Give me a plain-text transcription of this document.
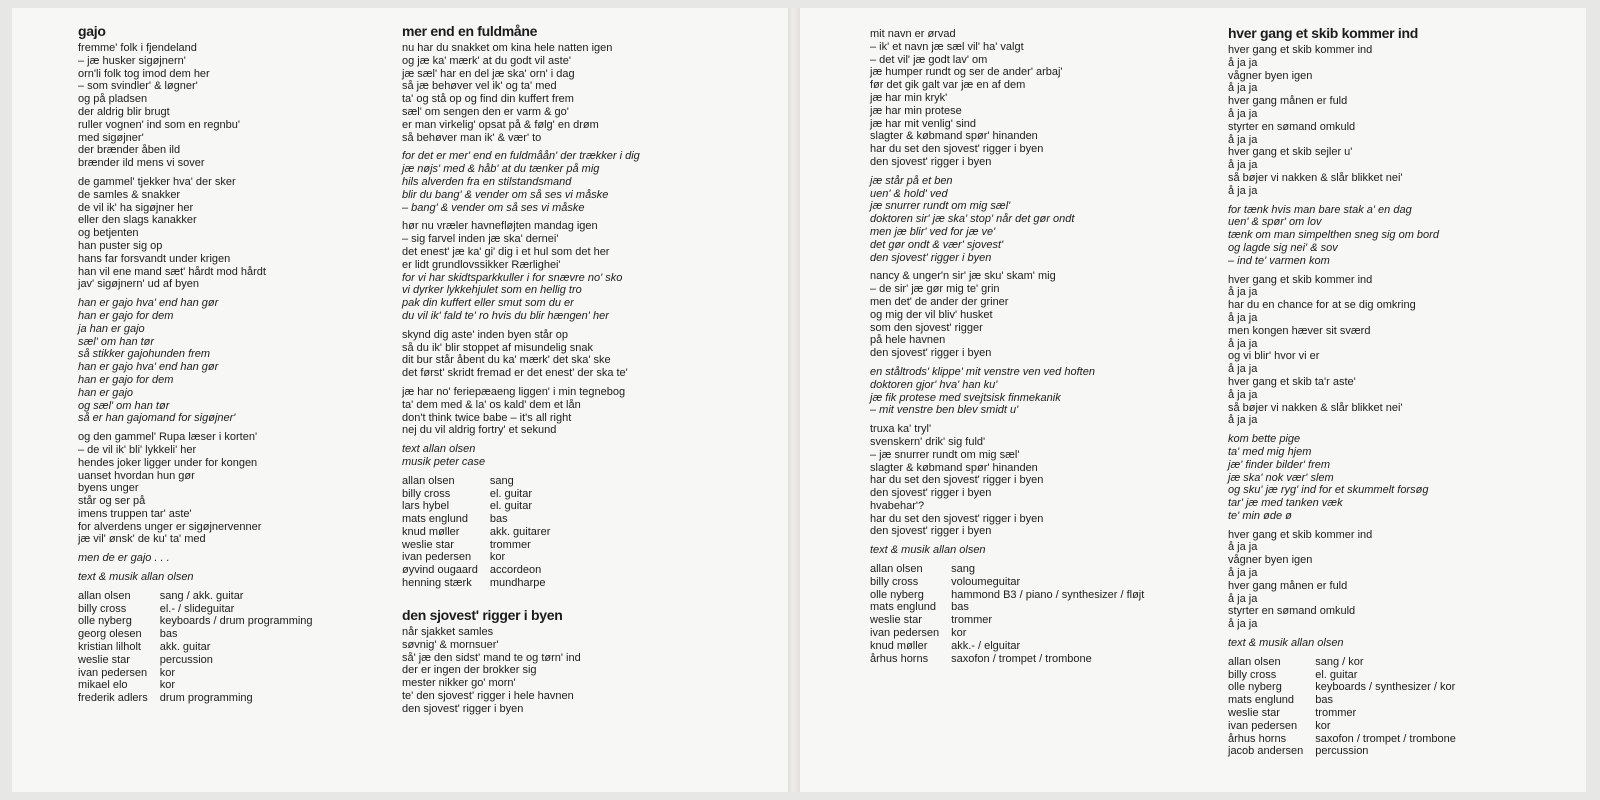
gajo
fremme' folk i fjendeland
– jæ husker sigøjnern'
orn'li folk tog imod dem her
– som svindler' & løgner'
og på pladsen
der aldrig blir brugt
ruller vognen' ind som en regnbu'
med sigøjner'
der brænder åben ild
brænder ild mens vi sover
de gammel' tjekker hva' der sker
de samles & snakker
de vil ik' ha sigøjner her
eller den slags kanakker
og betjenten
han puster sig op
hans far forsvandt under krigen
han vil ene mand sæt' hårdt mod hårdt
jav' sigøjnern' ud af byen
han er gajo hva' end han gør
han er gajo for dem
ja han er gajo
sæl' om han tør
så stikker gajohunden frem
han er gajo hva' end han gør
han er gajo for dem
han er gajo
og sæl' om han tør
så er han gajomand for sigøjner'
og den gammel' Rupa læser i korten'
– de vil ik' bli' lykkeli' her
hendes joker ligger under for kongen
uanset hvordan hun gør
byens unger
står og ser på
imens truppen tar' aste'
for alverdens unger er sigøjnervenner
jæ vil' ønsk' de ku' ta' med
men de er gajo . . .
text & musik allan olsen
allan olsen	sang / akk. guitar
billy cross	el.- / slideguitar
olle nyberg	keyboards / drum programming
georg olesen	bas
kristian lilholt	akk. guitar
weslie star	percussion
ivan pedersen	kor
mikael elo	kor
frederik adlers	drum programming
mer end en fuldmåne
nu har du snakket om kina hele natten igen
og jæ ka' mærk' at du godt vil aste'
jæ sæl' har en del jæ ska' orn' i dag
så jæ behøver vel ik' og ta' med
ta' og stå op og find din kuffert frem
sæl' om sengen den er varm & go'
er man virkelig' opsat på & følg' en drøm
så behøver man ik' & vær' to
for det er mer' end en fuldmåån' der trækker i dig
jæ nøjs' med & håb' at du tænker på mig
hils alverden fra en stilstandsmand
blir du bang' & vender om så ses vi måske
– bang' & vender om så ses vi måske
hør nu vræler havnefløjten mandag igen
– sig farvel inden jæ ska' dernei'
det enest' jæ ka' gi' dig i et hul som det her
er lidt grundlovssikker Rærlighei'
for vi har skidtsparkkuller i for snævre no' sko
vi dyrker lykkehjulet som en hellig tro
pak din kuffert eller smut som du er
du vil ik' fald te' ro hvis du blir hængen' her
skynd dig aste' inden byen står op
så du ik' blir stoppet af misundelig snak
dit bur står åbent du ka' mærk' det ska' ske
det først' skridt fremad er det enest' der ska te'
jæ har no' feriepæaeng liggen' i min tegnebog
ta' dem med & la' os kald' dem et lån
don't think twice babe – it's all right
nej du vil aldrig fortry' et sekund
text allan olsen
musik peter case
allan olsen	sang
billy cross	el. guitar
lars hybel	el. guitar
mats englund	bas
knud møller	akk. guitarer
weslie star	trommer
ivan pedersen	kor
øyvind ougaard	accordeon
henning stærk	mundharpe
den sjovest' rigger i byen
når sjakket samles
søvnig' & mornsuer'
så' jæ den sidst' mand te og tørn' ind
der er ingen der brokker sig
mester nikker go' morn'
te' den sjovest' rigger i hele havnen
den sjovest' rigger i byen
mit navn er ørvad
– ik' et navn jæ sæl vil' ha' valgt
– det vil' jæ godt lav' om
jæ humper rundt og ser de ander' arbaj'
før det gik galt var jæ en af dem
jæ har min kryk'
jæ har min protese
jæ har mit venlig' sind
slagter & købmand spør' hinanden
har du set den sjovest' rigger i byen
den sjovest' rigger i byen
jæ står på et ben
uen' & hold' ved
jæ snurrer rundt om mig sæl'
doktoren sir' jæ ska' stop' når det gør ondt
men jæ blir' ved for jæ ve'
det gør ondt & vær' sjovest'
den sjovest' rigger i byen
nancy & unger'n sir' jæ sku' skam' mig
– de sir' jæ gør mig te' grin
men det' de ander der griner
og mig der vil bliv' husket
som den sjovest' rigger
på hele havnen
den sjovest' rigger i byen
en ståltrods' klippe' mit venstre ven ved hoften
doktoren gjor' hva' han ku'
jæ fik protese med svejtsisk finmekanik
– mit venstre ben blev smidt u'
truxa ka' tryl'
svenskern' drik' sig fuld'
– jæ snurrer rundt om mig sæl'
slagter & købmand spør' hinanden
har du set den sjovest' rigger i byen
den sjovest' rigger i byen
hvabehar'?
har du set den sjovest' rigger i byen
den sjovest' rigger i byen
text & musik allan olsen
allan olsen	sang
billy cross	voloumeguitar
olle nyberg	hammond B3 / piano / synthesizer / fløjt
mats englund	bas
weslie star	trommer
ivan pedersen	kor
knud møller	akk.- / elguitar
århus horns	saxofon / trompet / trombone
hver gang et skib kommer ind
hver gang et skib kommer ind
å ja ja
vågner byen igen
å ja ja
hver gang månen er fuld
å ja ja
styrter en sømand omkuld
å ja ja
hver gang et skib sejler u'
å ja ja
så bøjer vi nakken & slår blikket nei'
å ja ja
for tænk hvis man bare stak a' en dag
uen' & spør' om lov
tænk om man simpelthen sneg sig om bord
og lagde sig nei' & sov
– ind te' varmen kom
hver gang et skib kommer ind
å ja ja
har du en chance for at se dig omkring
å ja ja
men kongen hæver sit sværd
å ja ja
og vi blir' hvor vi er
å ja ja
hver gang et skib ta'r aste'
å ja ja
så bøjer vi nakken & slår blikket nei'
å ja ja
kom bette pige
ta' med mig hjem
jæ' finder bilder' frem
jæ ska' nok vær' slem
og sku' jæ ryg' ind for et skummelt forsøg
tar' jæ med tanken væk
te' min øde ø
hver gang et skib kommer ind
å ja ja
vågner byen igen
å ja ja
hver gang månen er fuld
å ja ja
styrter en sømand omkuld
å ja ja
text & musik allan olsen
allan olsen	sang / kor
billy cross	el. guitar
olle nyberg	keyboards / synthesizer / kor
mats englund	bas
weslie star	trommer
ivan pedersen	kor
århus horns	saxofon / trompet / trombone
jacob andersen	percussion
